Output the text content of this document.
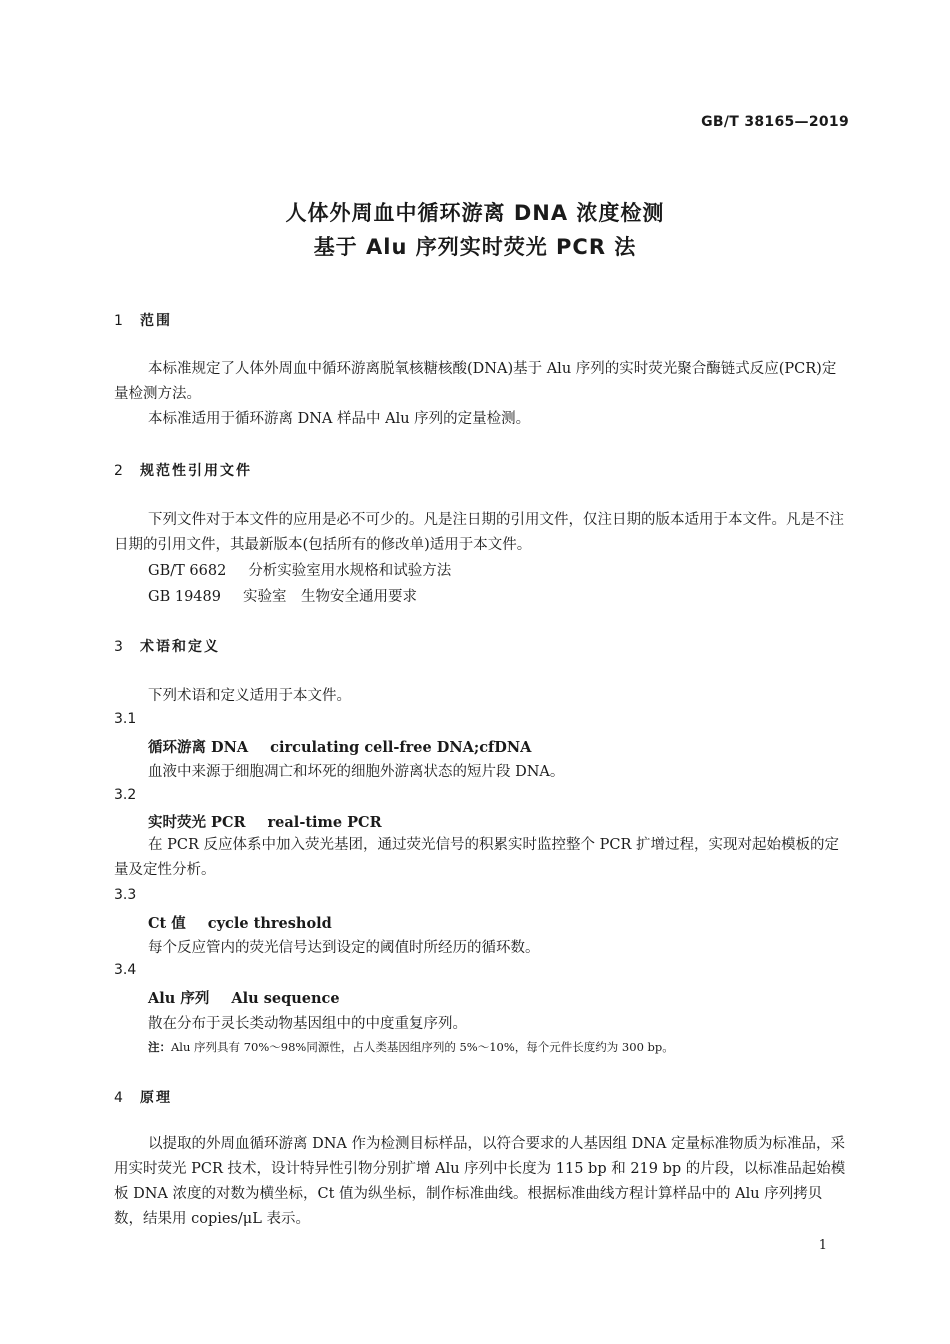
GB/T 38165—2019
人体外周血中循环游离 DNA 浓度检测
基于 Alu 序列实时荧光 PCR 法
1 范围
本标准规定了人体外周血中循环游离脱氧核糖核酸(DNA)基于 Alu 序列的实时荧光聚合酶链式反应(PCR)定量检测方法。
本标准适用于循环游离 DNA 样品中 Alu 序列的定量检测。
2 规范性引用文件
下列文件对于本文件的应用是必不可少的。凡是注日期的引用文件，仅注日期的版本适用于本文件。凡是不注日期的引用文件，其最新版本(包括所有的修改单)适用于本文件。
GB/T 6682 分析实验室用水规格和试验方法
GB 19489 实验室　生物安全通用要求
3 术语和定义
下列术语和定义适用于本文件。
3.1
循环游离 DNA circulating cell-free DNA;cfDNA
血液中来源于细胞凋亡和坏死的细胞外游离状态的短片段 DNA。
3.2
实时荧光 PCR real-time PCR
在 PCR 反应体系中加入荧光基团，通过荧光信号的积累实时监控整个 PCR 扩增过程，实现对起始模板的定量及定性分析。
3.3
Ct 值 cycle threshold
每个反应管内的荧光信号达到设定的阈值时所经历的循环数。
3.4
Alu 序列 Alu sequence
散在分布于灵长类动物基因组中的中度重复序列。
注：Alu 序列具有 70%～98%同源性，占人类基因组序列的 5%～10%，每个元件长度约为 300 bp。
4 原理
以提取的外周血循环游离 DNA 作为检测目标样品，以符合要求的人基因组 DNA 定量标准物质为标准品，采用实时荧光 PCR 技术，设计特异性引物分别扩增 Alu 序列中长度为 115 bp 和 219 bp 的片段，以标准品起始模板 DNA 浓度的对数为横坐标，Ct 值为纵坐标，制作标准曲线。根据标准曲线方程计算样品中的 Alu 序列拷贝数，结果用 copies/μL 表示。
1
